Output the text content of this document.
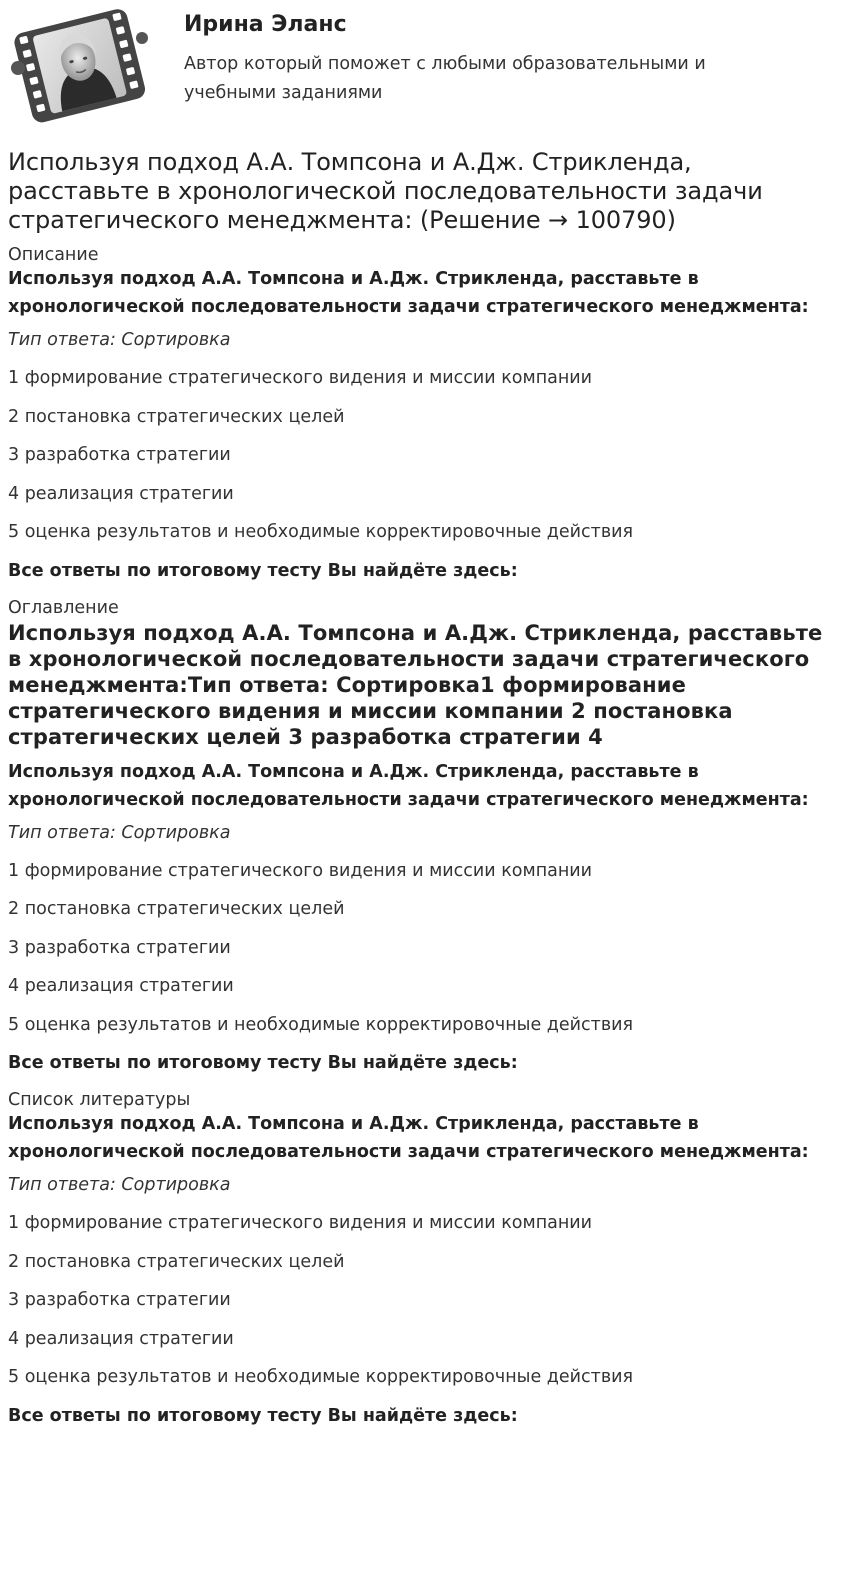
Ирина Эланс
Автор который поможет с любыми образовательными и учебными заданиями
Используя подход А.А. Томпсона и А.Дж. Стрикленда, расставьте в хронологической последовательности задачи стратегического менеджмента: (Решение → 100790)

Описание

Используя подход А.А. Томпсона и А.Дж. Стрикленда, расставьте в хронологической последовательности задачи стратегического менеджмента:

Тип ответа: Сортировка

1 формирование стратегического видения и миссии компании

2 постановка стратегических целей

3 разработка стратегии

4 реализация стратегии

5 оценка результатов и необходимые корректировочные действия

Все ответы по итоговому тесту Вы найдёте здесь:

Оглавление

Используя подход А.А. Томпсона и А.Дж. Стрикленда, расставьте в хронологической последовательности задачи стратегического менеджмента:Тип ответа: Сортировка1 формирование стратегического видения и миссии компании 2 постановка стратегических целей 3 разработка стратегии 4

Используя подход А.А. Томпсона и А.Дж. Стрикленда, расставьте в хронологической последовательности задачи стратегического менеджмента:

Тип ответа: Сортировка

1 формирование стратегического видения и миссии компании

2 постановка стратегических целей

3 разработка стратегии

4 реализация стратегии

5 оценка результатов и необходимые корректировочные действия

Все ответы по итоговому тесту Вы найдёте здесь:

Список литературы

Используя подход А.А. Томпсона и А.Дж. Стрикленда, расставьте в хронологической последовательности задачи стратегического менеджмента:

Тип ответа: Сортировка

1 формирование стратегического видения и миссии компании

2 постановка стратегических целей

3 разработка стратегии

4 реализация стратегии

5 оценка результатов и необходимые корректировочные действия

Все ответы по итоговому тесту Вы найдёте здесь:
